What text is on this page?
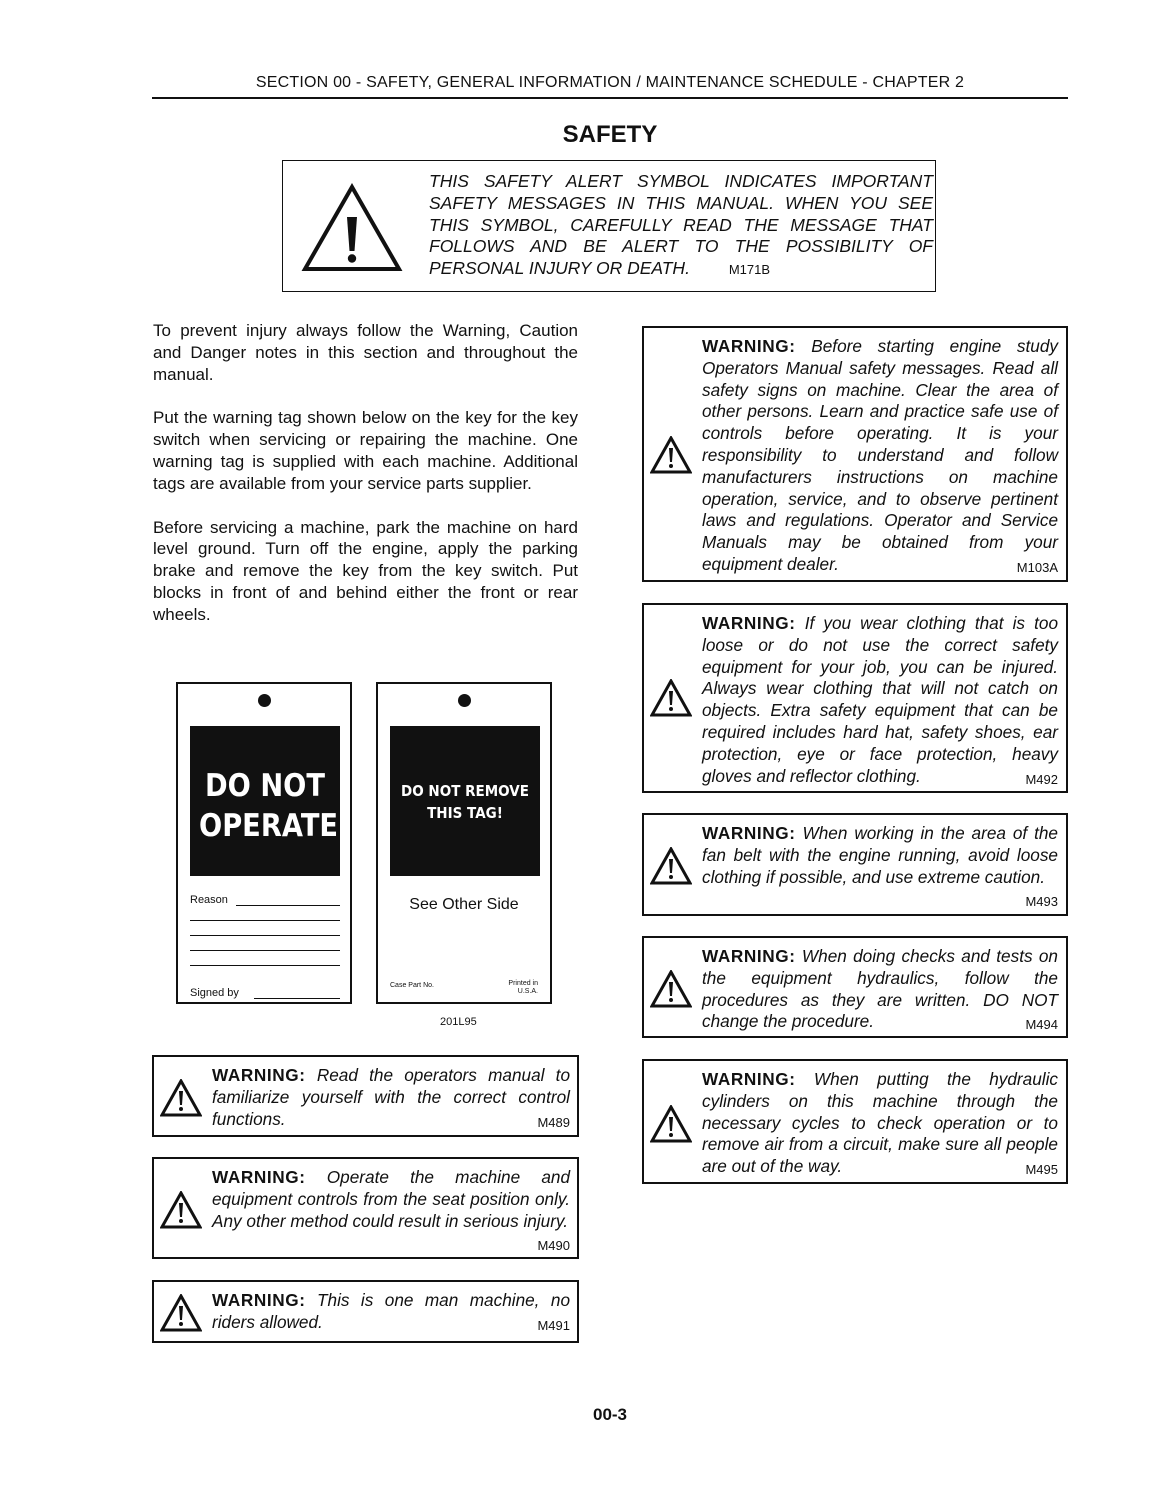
SECTION 00 - SAFETY, GENERAL INFORMATION / MAINTENANCE SCHEDULE - CHAPTER 2
SAFETY
THIS SAFETY ALERT SYMBOL INDICATES IMPORTANT SAFETY MESSAGES IN THIS MANUAL. WHEN YOU SEE THIS SYMBOL, CAREFULLY READ THE MESSAGE THAT FOLLOWS AND BE ALERT TO THE POSSIBILITY OF PERSONAL INJURY OR DEATH.	M171B

To prevent injury always follow the Warning, Caution and Danger notes in this section and throughout the manual.

Put the warning tag shown below on the key for the key switch when servicing or repairing the machine. One warning tag is supplied with each machine. Additional tags are available from your service parts supplier.

Before servicing a machine, park the machine on hard level ground. Turn off the engine, apply the parking brake and remove the key from the key switch. Put blocks in front of and behind either the front or rear wheels.

DO NOT
OPERATE
Reason
Signed by
DO NOT REMOVE
THIS TAG!
See Other Side
Case Part No.	Printed in
U.S.A.
201L95
WARNING: Read the operators manual to familiarize yourself with the correct control functions.	M489
WARNING: Operate the machine and equipment controls from the seat position only. Any other method could result in serious injury.
M490
WARNING: This is one man machine, no riders allowed.	M491
WARNING: Before starting engine study Operators Manual safety messages. Read all safety signs on machine. Clear the area of other persons. Learn and practice safe use of controls before operating. It is your responsibility to understand and follow manufacturers instructions on machine operation, service, and to observe pertinent laws and regulations. Operator and Service Manuals may be obtained from your equipment dealer.	M103A
WARNING: If you wear clothing that is too loose or do not use the correct safety equipment for your job, you can be injured. Always wear clothing that will not catch on objects. Extra safety equipment that can be required includes hard hat, safety shoes, ear protection, eye or face protection, heavy gloves and reflector clothing.	M492
WARNING: When working in the area of the fan belt with the engine running, avoid loose clothing if possible, and use extreme caution.
M493
WARNING: When doing checks and tests on the equipment hydraulics, follow the procedures as they are written. DO NOT change the procedure.	M494
WARNING: When putting the hydraulic cylinders on this machine through the necessary cycles to check operation or to remove air from a circuit, make sure all people are out of the way.	M495
00-3
